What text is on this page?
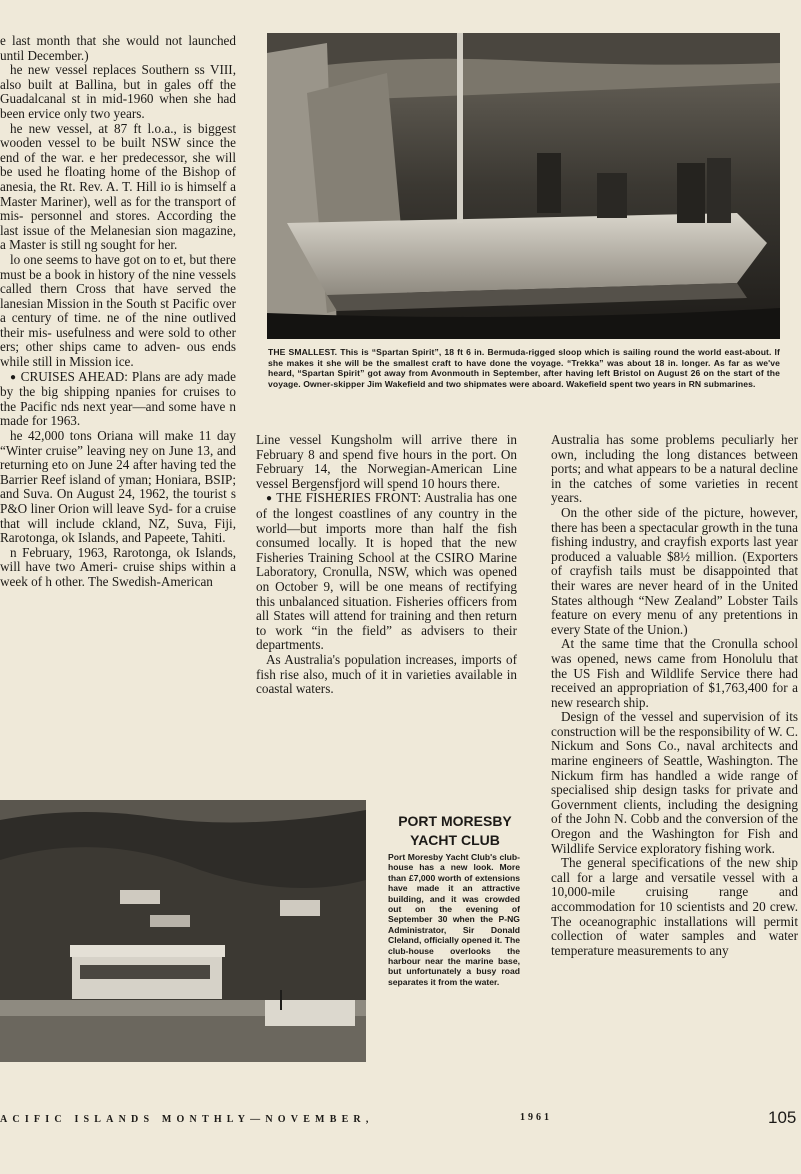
e last month that she would not launched until December.)

he new vessel replaces Southern ss VIII, also built at Ballina, but in gales off the Guadalcanal st in mid-1960 when she had been ervice only two years.

he new vessel, at 87 ft l.o.a., is biggest wooden vessel to be built NSW since the end of the war. e her predecessor, she will be used he floating home of the Bishop of anesia, the Rt. Rev. A. T. Hill io is himself a Master Mariner), well as for the transport of mis- personnel and stores. According the last issue of the Melanesian sion magazine, a Master is still ng sought for her.

lo one seems to have got on to et, but there must be a book in history of the nine vessels called thern Cross that have served the lanesian Mission in the South st Pacific over a century of time. ne of the nine outlived their mis- usefulness and were sold to other ers; other ships came to adven- ous ends while still in Mission ice.

● CRUISES AHEAD: Plans are ady made by the big shipping npanies for cruises to the Pacific nds next year—and some have n made for 1963.

he 42,000 tons Oriana will make 11 day “Winter cruise” leaving ney on June 13, and returning eto on June 24 after having ted the Barrier Reef island of yman; Honiara, BSIP; and Suva. On August 24, 1962, the tourist s P&O liner Orion will leave Syd- for a cruise that will include ckland, NZ, Suva, Fiji, Rarotonga, ok Islands, and Papeete, Tahiti.

n February, 1963, Rarotonga, ok Islands, will have two Ameri- cruise ships within a week of h other. The Swedish-American

THE SMALLEST. This is “Spartan Spirit”, 18 ft 6 in. Bermuda-rigged sloop which is sailing round the world east-about. If she makes it she will be the smallest craft to have done the voyage. “Trekka” was about 18 in. longer. As far as we've heard, “Spartan Spirit” got away from Avonmouth in September, after having left Bristol on August 26 on the start of the voyage. Owner-skipper Jim Wakefield and two shipmates were aboard. Wakefield spent two years in RN submarines.

Line vessel Kungsholm will arrive there in February 8 and spend five hours in the port. On February 14, the Norwegian-American Line vessel Bergensfjord will spend 10 hours there.

● THE FISHERIES FRONT: Australia has one of the longest coastlines of any country in the world—but imports more than half the fish consumed locally. It is hoped that the new Fisheries Training School at the CSIRO Marine Laboratory, Cronulla, NSW, which was opened on October 9, will be one means of rectifying this unbalanced situation. Fisheries officers from all States will attend for training and then return to work “in the field” as advisers to their departments.

As Australia's population increases, imports of fish rise also, much of it in varieties available in coastal waters.

Australia has some problems peculiarly her own, including the long distances between ports; and what appears to be a natural decline in the catches of some varieties in recent years.

On the other side of the picture, however, there has been a spectacular growth in the tuna fishing industry, and crayfish exports last year produced a valuable $8½ million. (Exporters of crayfish tails must be disappointed that their wares are never heard of in the United States although “New Zealand” Lobster Tails feature on every menu of any pretentions in every State of the Union.)

At the same time that the Cronulla school was opened, news came from Honolulu that the US Fish and Wildlife Service there had received an appropriation of $1,763,400 for a new research ship.

Design of the vessel and supervision of its construction will be the responsibility of W. C. Nickum and Sons Co., naval architects and marine engineers of Seattle, Washington. The Nickum firm has handled a wide range of specialised ship design tasks for private and Government clients, including the designing of the John N. Cobb and the conversion of the Oregon and the Washington for Fish and Wildlife Service exploratory fishing work.

The general specifications of the new ship call for a large and versatile vessel with a 10,000-mile cruising range and accommodation for 10 scientists and 20 crew. The oceanographic installations will permit collection of water samples and water temperature measurements to any

PORT MORESBY YACHT CLUB
Port Moresby Yacht Club's club-house has a new look. More than £7,000 worth of extensions have made it an attractive building, and it was crowded out on the evening of September 30 when the P-NG Administrator, Sir Donald Cleland, officially opened it. The club-house overlooks the harbour near the marine base, but unfortunately a busy road separates it from the water.
ACIFIC ISLANDS MONTHLY—NOVEMBER,	1961	105
